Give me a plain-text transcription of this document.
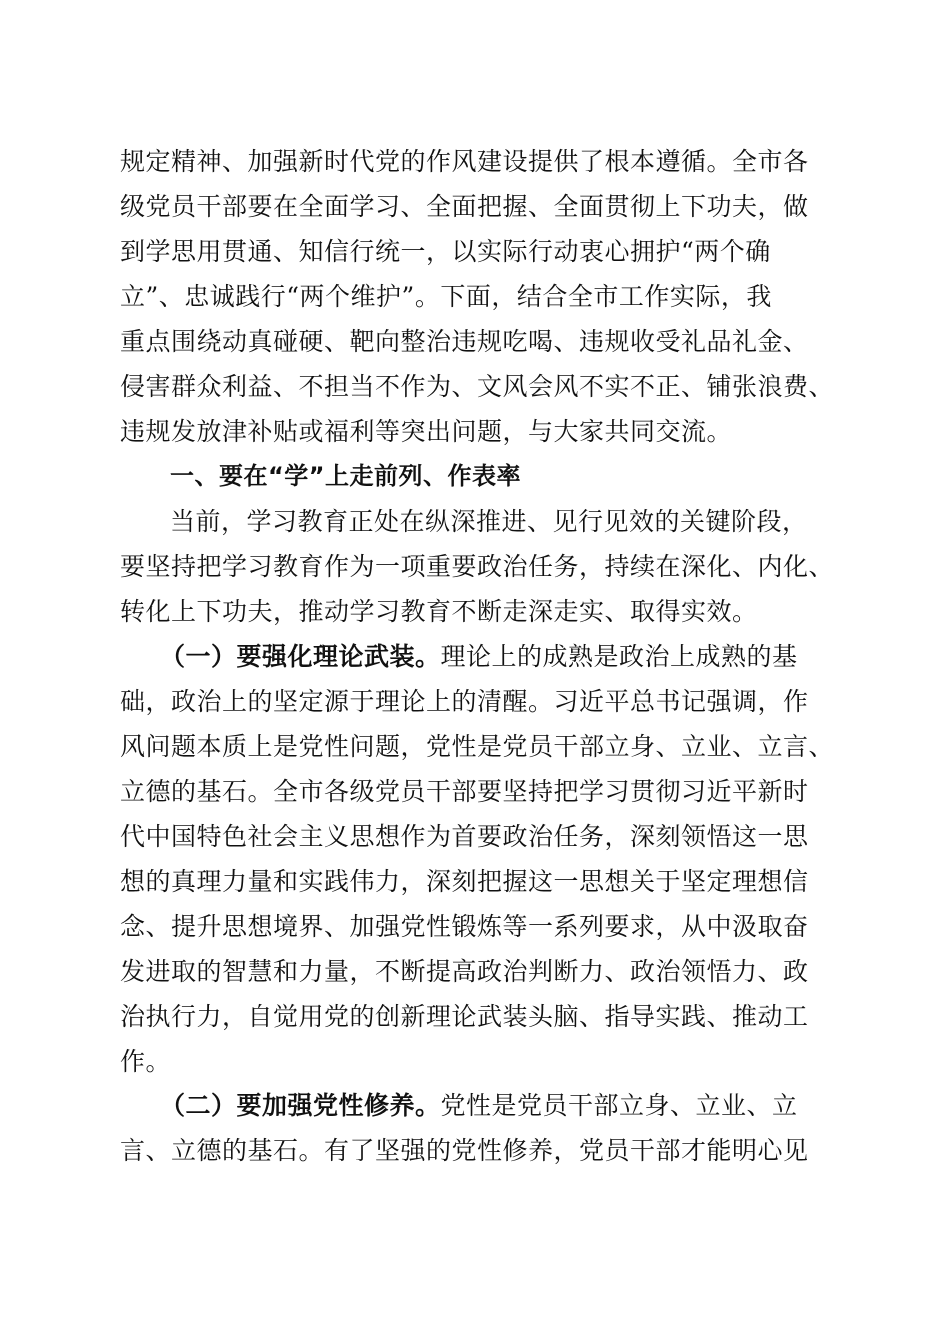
规定精神、加强新时代党的作风建设提供了根本遵循。全市各
级党员干部要在全面学习、全面把握、全面贯彻上下功夫，做
到学思用贯通、知信行统一，以实际行动衷心拥护“两个确
立”、忠诚践行“两个维护”。下面，结合全市工作实际，我
重点围绕动真碰硬、靶向整治违规吃喝、违规收受礼品礼金、
侵害群众利益、不担当不作为、文风会风不实不正、铺张浪费、
违规发放津补贴或福利等突出问题，与大家共同交流。
一、要在“学”上走前列、作表率
当前，学习教育正处在纵深推进、见行见效的关键阶段，
要坚持把学习教育作为一项重要政治任务，持续在深化、内化、
转化上下功夫，推动学习教育不断走深走实、取得实效。
（一）要强化理论武装。理论上的成熟是政治上成熟的基
础，政治上的坚定源于理论上的清醒。习近平总书记强调，作
风问题本质上是党性问题，党性是党员干部立身、立业、立言、
立德的基石。全市各级党员干部要坚持把学习贯彻习近平新时
代中国特色社会主义思想作为首要政治任务，深刻领悟这一思
想的真理力量和实践伟力，深刻把握这一思想关于坚定理想信
念、提升思想境界、加强党性锻炼等一系列要求，从中汲取奋
发进取的智慧和力量，不断提高政治判断力、政治领悟力、政
治执行力，自觉用党的创新理论武装头脑、指导实践、推动工
作。
（二）要加强党性修养。党性是党员干部立身、立业、立
言、立德的基石。有了坚强的党性修养，党员干部才能明心见
